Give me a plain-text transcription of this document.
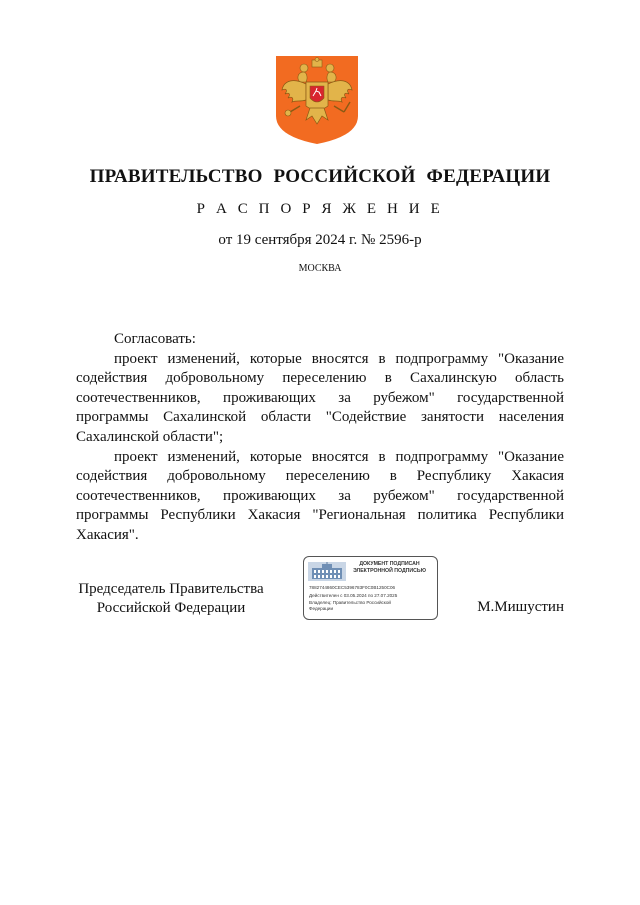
ПРАВИТЕЛЬСТВО РОССИЙСКОЙ ФЕДЕРАЦИИ
Р А С П О Р Я Ж Е Н И Е
от 19 сентября 2024 г. № 2596-р
МОСКВА

Согласовать:

проект изменений, которые вносятся в подпрограмму "Оказание содействия добровольному переселению в Сахалинскую область соотечественников, проживающих за рубежом" государственной программы Сахалинской области "Содействие занятости населения Сахалинской области";

проект изменений, которые вносятся в подпрограмму "Оказание содействия добровольному переселению в Республику Хакасия соотечественников, проживающих за рубежом" государственной программы Республики Хакасия "Региональная политика Республики Хакасия".

Председатель Правительства
Российской Федерации
ДОКУМЕНТ ПОДПИСАН
ЭЛЕКТРОННОЙ ПОДПИСЬЮ
7882744860CEC5396783F0C0B1250C06
Действителен с 03.05.2024 по 27.07.2025
Владелец: Правительство Российской
Федерации	М.Мишустин
